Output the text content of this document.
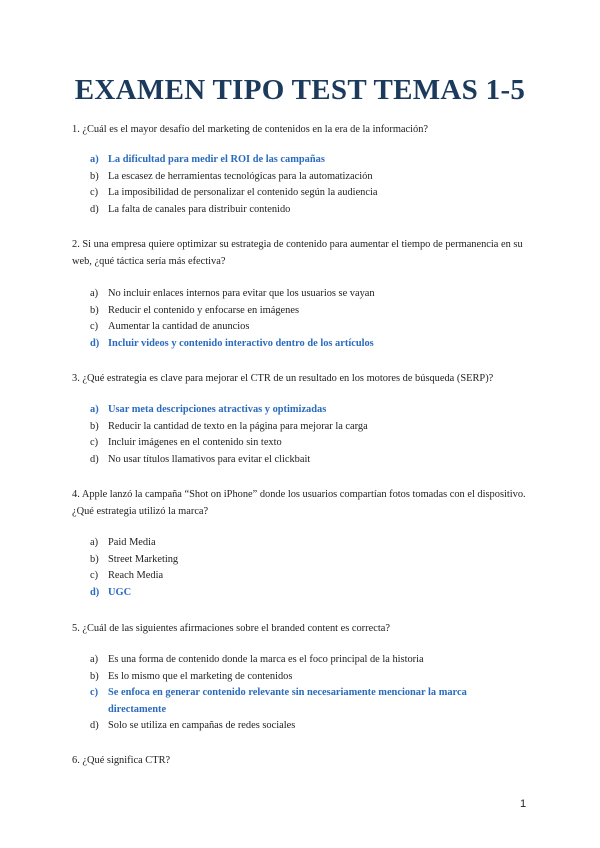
EXAMEN TIPO TEST TEMAS 1-5
1. ¿Cuál es el mayor desafío del marketing de contenidos en la era de la información?
a) La dificultad para medir el ROI de las campañas
b) La escasez de herramientas tecnológicas para la automatización
c) La imposibilidad de personalizar el contenido según la audiencia
d) La falta de canales para distribuir contenido
2. Si una empresa quiere optimizar su estrategia de contenido para aumentar el tiempo de permanencia en su web, ¿qué táctica sería más efectiva?
a) No incluir enlaces internos para evitar que los usuarios se vayan
b) Reducir el contenido y enfocarse en imágenes
c) Aumentar la cantidad de anuncios
d) Incluir videos y contenido interactivo dentro de los artículos
3. ¿Qué estrategia es clave para mejorar el CTR de un resultado en los motores de búsqueda (SERP)?
a) Usar meta descripciones atractivas y optimizadas
b) Reducir la cantidad de texto en la página para mejorar la carga
c) Incluir imágenes en el contenido sin texto
d) No usar títulos llamativos para evitar el clickbait
4. Apple lanzó la campaña “Shot on iPhone” donde los usuarios compartían fotos tomadas con el dispositivo. ¿Qué estrategia utilizó la marca?
a) Paid Media
b) Street Marketing
c) Reach Media
d) UGC
5. ¿Cuál de las siguientes afirmaciones sobre el branded content es correcta?
a) Es una forma de contenido donde la marca es el foco principal de la historia
b) Es lo mismo que el marketing de contenidos
c) Se enfoca en generar contenido relevante sin necesariamente mencionar la marca directamente
d) Solo se utiliza en campañas de redes sociales
6. ¿Qué significa CTR?
1
